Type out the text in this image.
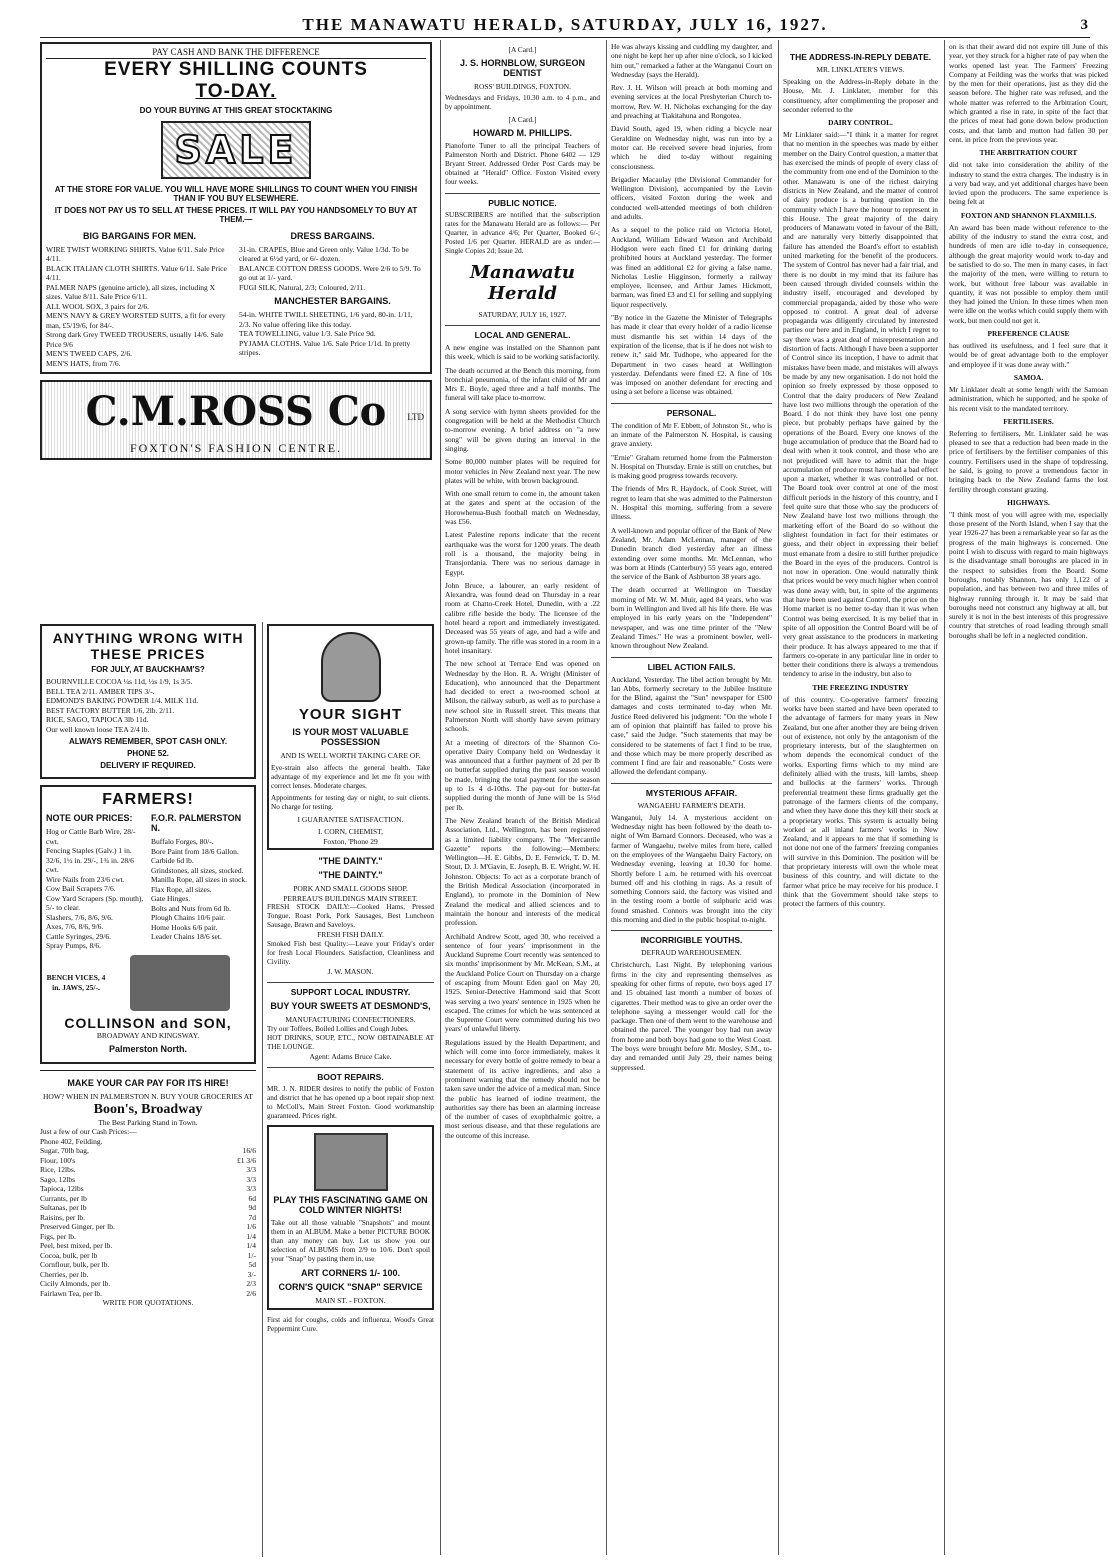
THE MANAWATU HERALD, SATURDAY, JULY 16, 1927.	3
PAY CASH AND BANK THE DIFFERENCE
EVERY SHILLING COUNTS
TO-DAY.
DO YOUR BUYING AT THIS GREAT STOCKTAKING
SALE
AT THE STORE FOR VALUE. YOU WILL HAVE MORE SHILLINGS TO COUNT WHEN YOU FINISH THAN IF YOU BUY ELSEWHERE.
IT DOES NOT PAY US TO SELL AT THESE PRICES. IT WILL PAY YOU HANDSOMELY TO BUY AT THEM.—
BIG BARGAINS FOR MEN.
WIRE TWIST WORKING SHIRTS. Value 6/11. Sale Price 4/11.
BLACK ITALIAN CLOTH SHIRTS. Value 6/11. Sale Price 4/11.
PALMER NAPS (genuine article), all sizes, including X sizes. Value 8/11. Sale Price 6/11.
ALL WOOL SOX, 3 pairs for 2/6.
MEN'S NAVY & GREY WORSTED SUITS, a fit for every man, £5/19/6, for 84/-.
Strong dark Grey TWEED TROUSERS, usually 14/6. Sale Price 9/6
MEN'S TWEED CAPS, 2/6.
MEN'S HATS, from 7/6.
DRESS BARGAINS.
31-in. CRAPES, Blue and Green only. Value 1/3d. To be cleared at 6½d yard, or 6/- dozen.
BALANCE COTTON DRESS GOODS. Were 2/6 to 5/9. To go out at 1/- yard.
FUGI SILK, Natural, 2/3; Coloured, 2/11.
MANCHESTER BARGAINS.
54-in. WHITE TWILL SHEETING, 1/6 yard, 80-in. 1/11, 2/3. No value offering like this today.
TEA TOWELLING, value 1/3. Sale Price 9d.
PYJAMA CLOTHS. Value 1/6. Sale Price 1/1d. In pretty stripes.
C.M.ROSS Co
FOXTON'S FASHION CENTRE.
LTD
ANYTHING WRONG WITH
THESE PRICES
FOR JULY, AT BAUCKHAM'S?
BOURNVILLE COCOA ¼s 11d, ½s 1/9, 1s 3/5.
BELL TEA 2/11. AMBER TIPS 3/-.
EDMOND'S BAKING POWDER 1/4. MILK 11d.
BEST FACTORY BUTTER 1/6, 2lb. 2/11.
RICE, SAGO, TAPIOCA 3lb 11d.
Our well known loose TEA 2/4 lb.
ALWAYS REMEMBER, SPOT CASH ONLY.
PHONE 52.
DELIVERY IF REQUIRED.
FARMERS!
NOTE OUR PRICES:
Hog or Cattle Barb Wire, 28/- cwt.
Fencing Staples (Galv.) 1 in. 32/6, 1½ in. 29/-, 1¾ in. 28/6 cwt.
Wire Nails from 23/6 cwt.
Cow Bail Scrapers 7/6.
Cow Yard Scrapers (Sp. mouth), 5/- to clear.
Slashers, 7/6, 8/6, 9/6.
Axes, 7/6, 8/6, 9/6.
Cattle Syringes, 29/6.
Spray Pumps, 8/6.
F.O.R. PALMERSTON N.
Buffalo Forges, 80/-.
Bore Paint from 18/6 Gallon.
Carbide 6d lb.
Grindstones, all sizes, stocked.
Manilla Rope, all sizes in stock.
Flax Rope, all sizes.
Gate Hinges.
Bolts and Nuts from 6d lb.
Plough Chains 10/6 pair.
Home Hooks 6/6 pair.
Leader Chains 18/6 set.
BENCH VICES, 4 in. JAWS, 25/-.
COLLINSON and SON,
BROADWAY AND KINGSWAY.
Palmerston North.
MAKE YOUR CAR PAY FOR ITS HIRE!
HOW? WHEN IN PALMERSTON N. BUY YOUR GROCERIES AT
Boon's, Broadway
The Best Parking Stand in Town.
Just a few of our Cash Prices:—
Phone 402, Feilding.
Sugar, 70lb bag,	16/6
Flour, 100's	£1 3/6
Rice, 12lbs.	3/3
Sago, 12lbs	3/3
Tapioca, 12lbs	3/3
Currants, per lb	6d
Sultanas, per lb	9d
Raisins, per lb.	7d
Preserved Ginger, per lb.	1/6
Figs, per lb.	1/4
Peel, best mixed, per lb.	1/4
Cocoa, bulk, per lb	1/-
Cornflour, bulk, per lb.	5d
Cherries, per lb.	3/-
Cicily Almonds, per lb.	2/3
Fairlawn Tea, per lb.	2/6
WRITE FOR QUOTATIONS.
YOUR SIGHT
IS YOUR MOST VALUABLE POSSESSION
AND IS WELL WORTH TAKING CARE OF.
Eye-strain also affects the general health. Take advantage of my experience and let me fit you with correct lenses. Moderate charges.
Appointments for testing day or night, to suit clients. No charge for testing.
I GUARANTEE SATISFACTION.
I. CORN, CHEMIST,
Foxton, 'Phone 29
"THE DAINTY."
"THE DAINTY."
PORK AND SMALL GOODS SHOP.
PERREAU'S BUILDINGS MAIN STREET.
FRESH STOCK DAILY:—Cooked Hams, Pressed Tongue, Roast Pork, Pork Sausages, Best Luncheon Sausage, Brawn and Saveloys.
FRESH FISH DAILY.
Smoked Fish best Quality:—Leave your Friday's order for fresh Local Flounders. Satisfaction, Cleanliness and Civility.
J. W. MASON.
SUPPORT LOCAL INDUSTRY.
BUY YOUR SWEETS AT DESMOND'S,
MANUFACTURING CONFECTIONERS.
Try our Toffees, Boiled Lollies and Cough Jubes.
HOT DRINKS, SOUP, ETC., NOW OBTAINABLE AT THE LOUNGE.
Agent: Adams Bruce Cake.
BOOT REPAIRS.
MR. J. N. RIDER desires to notify the public of Foxton and district that he has opened up a boot repair shop next to McColl's, Main Street Foxton. Good workmanship guaranteed. Prices right.
PLAY THIS FASCINATING GAME ON COLD WINTER NIGHTS!
Take out all those valuable "Snapshots" and mount them in an ALBUM. Make a better PICTURE BOOK than any money can buy. Let us show you our selection of ALBUMS from 2/9 to 10/6. Don't spoil your "Snap" by pasting them in, use
ART CORNERS 1/- 100.
CORN'S QUICK "SNAP" SERVICE
MAIN ST. - FOXTON.
First aid for coughs, colds and influenza, Wood's Great Peppermint Cure.
[A Card.]
J. S. HORNBLOW, SURGEON DENTIST
ROSS' BUILDINGS, FOXTON.
Wednesdays and Fridays, 10.30 a.m. to 4 p.m., and by appointment.
[A Card.]
HOWARD M. PHILLIPS.
Pianoforte Tuner to all the principal Teachers of Palmerston North and District. Phone 6402 — 129 Bryant Street. Addressed Order Post Cards may be obtained at "Herald" Office. Foxton Visited every four weeks.
PUBLIC NOTICE.
SUBSCRIBERS are notified that the subscription rates for the Manawatu Herald are as follows:— Per Quarter, in advance 4/6; Per Quarter, Booked 6/-; Posted 1/6 per Quarter. HERALD are as under:— Single Copies 2d; Issue 2d.
Manawatu Herald
SATURDAY, JULY 16, 1927.
LOCAL AND GENERAL.
A new engine was installed on the Shannon pant this week, which is said to be working satisfactorily.
The death occurred at the Bench this morning, from bronchial pneumonia, of the infant child of Mr and Mrs E. Boyle, aged three and a half months. The funeral will take place to-morrow.
A song service with hymn sheets provided for the congregation will be held at the Methodist Church to-morrow evening. A brief address on "a new song" will be given during an interval in the singing.
Some 80,000 number plates will be required for motor vehicles in New Zealand next year. The new plates will be white, with brown background.
With one small return to come in, the amount taken at the gates and spent at the occasion of the Horowhenua-Bush football match on Wednesday, was £56.
Latest Palestine reports indicate that the recent earthquake was the worst for 1200 years. The death roll is a thousand, the majority being in Transjordania. There was no serious damage in Egypt.
John Bruce, a labourer, an early resident of Alexandra, was found dead on Thursday in a rear room at Chatto-Creek Hotel, Dunedin, with a .22 calibre rifle beside the body. The licensee of the hotel heard a report and immediately investigated. Deceased was 55 years of age, and had a wife and grown-up family. The rifle was stored in a room in a hotel insanitary.
The new school at Terrace End was opened on Wednesday by the Hon. R. A. Wright (Minister of Education), who announced that the Department had decided to erect a two-roomed school at Milson, the railway suburb, as well as to purchase a new school site in Russell street. This means that Palmerston North will shortly have seven primary schools.
At a meeting of directors of the Shannon Co-operative Dairy Company held on Wednesday it was announced that a further payment of 2d per lb on butterfat supplied during the past season would be made, bringing the total payment for the season up to 1s 4 d-10ths. The pay-out for butter-fat supplied during the month of June will be 1s 5½d per lb.
The New Zealand branch of the British Medical Association, Ltd., Wellington, has been registered as a limited liability company. The "Mercantile Gazette" reports the following:—Members: Wellington—H. E. Gibbs, D. E. Fenwick, T. D. M. Stout, D. J. M'Gavin, E. Joseph, B. E. Wright, W. H. Johnston. Objects: To act as a corporate branch of the British Medical Association (incorporated in England), to promote in the Dominion of New Zealand the medical and allied sciences and to maintain the honour and interests of the medical profession.
Archibald Andrew Scott, aged 30, who received a sentence of four years' imprisonment in the Auckland Supreme Court recently was sentenced to six months' imprisonment by Mr. McKean, S.M., at the Auckland Police Court on Thursday on a charge of escaping from Mount Eden gaol on May 20, 1925. Senior-Detective Hammond said that Scott was serving a two years' sentence in 1925 when he escaped. The crimes for which he was sentenced at the Supreme Court were committed during his two years' of unlawful liberty.
Regulations issued by the Health Department, and which will come into force immediately, makes it necessary for every bottle of goitre remedy to bear a statement of its active ingredients, and also a prominent warning that the remedy should not be taken save under the advice of a medical man. Since the public has learned of iodine treatment, the authorities say there has been an alarming increase of the number of cases of exophthalmic goitre, a most serious disease, and that these regulations are the outcome of this increase.
He was always kissing and cuddling my daughter, and one night he kept her up after nine o'clock, so I kicked him out," remarked a father at the Wanganui Court on Wednesday (says the Herald).
Rev. J. H. Wilson will preach at both morning and evening services at the local Presbyterian Church to-morrow, Rev. W. H. Nicholas exchanging for the day and preaching at Tiakitahuna and Rongotea.
David South, aged 19, when riding a bicycle near Geraldine on Wednesday night, was run into by a motor car. He received severe head injuries, from which he died to-day without regaining consciousness.
Brigadier Macaulay (the Divisional Commander for Wellington Division), accompanied by the Levin officers, visited Foxton during the week and conducted well-attended meetings of both children and adults.
As a sequel to the police raid on Victoria Hotel, Auckland, William Edward Watson and Archibald Hodgson were each fined £1 for drinking during prohibited hours at Auckland yesterday. The former was fined an additional £2 for giving a false name. Nicholas Leslie Higginson, formerly a railway employee, licensee, and Arthur James Hickmott, barman, was fined £3 and £1 for selling and supplying liquor respectively.
"By notice in the Gazette the Minister of Telegraphs has made it clear that every holder of a radio license must dismantle his set within 14 days of the expiration of the license, that is if he does not wish to renew it," said Mr. Tudhope, who appeared for the Department in two cases heard at Wellington yesterday. Defendants were fined £2. A fine of 10s was imposed on another defendant for erecting and using a set before a license was obtained.
PERSONAL.
The condition of Mr F. Ebbett, of Johnston St., who is an inmate of the Palmerston N. Hospital, is causing grave anxiety.
"Ernie" Graham returned home from the Palmerston N. Hospital on Thursday. Ernie is still on crutches, but is making good progress towards recovery.
The friends of Mrs R. Haydock, of Cook Street, will regret to learn that she was admitted to the Palmerston N. Hospital this morning, suffering from a severe illness.
A well-known and popular officer of the Bank of New Zealand, Mr. Adam McLennan, manager of the Dunedin branch died yesterday after an illness extending over some months. Mr. McLennan, who was born at Hinds (Canterbury) 55 years ago, entered the service of the Bank of Ashburton 38 years ago.
The death occurred at Wellington on Tuesday morning of Mr. W. M. Muir, aged 84 years, who was born in Wellington and lived all his life there. He was employed in his early years on the "Independent" newspaper, and was one time printer of the "New Zealand Times." He was a prominent bowler, well-known throughout New Zealand.
LIBEL ACTION FAILS.
Auckland, Yesterday. The libel action brought by Mr. Ian Abbs, formerly secretary to the Jubilee Institute for the Blind, against the "Sun" newspaper for £500 damages and costs terminated to-day when Mr. Justice Reed delivered his judgment: "On the whole I am of opinion that plaintiff has failed to prove his case," said the Judge. "Such statements that may be considered to be statements of fact I find to be true, and those which may be more properly described as comment I find are fair and reasonable." Costs were allowed the defendant company.
MYSTERIOUS AFFAIR.
WANGAEHU FARMER'S DEATH.
Wanganui, July 14. A mysterious accident on Wednesday night has been followed by the death to-night of Wm Barnard Connors. Deceased, who was a farmer of Wangaehu, twelve miles from here, called on the employees of the Wangaehu Dairy Factory, on Wednesday evening, leaving at 10.30 for home. Shortly before 1 a.m. he returned with his overcoat burned off and his clothing in rags. As a result of something Connors said, the factory was visited and in the testing room a bottle of sulphuric acid was found smashed. Connors was brought into the city this morning and died in the public hospital to-night.
INCORRIGIBLE YOUTHS.
DEFRAUD WAREHOUSEMEN.
Christchurch, Last Night. By telephoning various firms in the city and representing themselves as speaking for other firms of repute, two boys aged 17 and 15 obtained last month a number of boxes of cigarettes. Their method was to give an order over the telephone saying a messenger would call for the package. Then one of them went to the warehouse and obtained the parcel. The younger boy had run away from home and both boys had gone to the West Coast. The boys were brought before Mr. Mosley, S.M., to-day and remanded until July 29, their names being suppressed.
THE ADDRESS-IN-REPLY DEBATE.
MR. LINKLATER'S VIEWS.
Speaking on the Address-in-Reply debate in the House, Mr. J. Linklater, member for this constituency, after complimenting the proposer and seconder referred to the
DAIRY CONTROL.
Mr Linklater said:—"I think it a matter for regret that no mention in the speeches was made by either member on the Dairy Control question, a matter that has exercised the minds of people of every class of the community from one end of the Dominion to the other. Manawatu is one of the richest dairying districts in New Zealand, and the matter of control of dairy produce is a burning question in the community which I have the honour to represent in this House. The great majority of the dairy producers of Manawatu voted in favour of the Bill, and are naturally very bitterly disappointed that failure has attended the Board's effort to establish united marketing for the benefit of the producers. The system of Control has never had a fair trial, and there is no doubt in my mind that its failure has been caused through divided counsels within the industry itself, encouraged and developed by commercial propaganda, aided by those who were opposed to control. A great deal of adverse propaganda was diligently circulated by interested parties our here and in England, in which I regret to say there was a great deal of misrepresentation and distortion of facts. Although I have been a supporter of Control since its inception, I have to admit that mistakes have been made, and mistakes will always be made by any new organisation. I do not hold the opinion so freely expressed by those opposed to Control that the dairy producers of New Zealand have lost two millions through the operation of the Board. I do not think they have lost one penny piece, but probably perhaps have gained by the operations of the Board. Every one knows of the huge accumulation of produce that the Board had to deal with when it took control, and those who are not prejudiced will have to admit that the huge accumulation of produce must have had a bad effect upon a market, whether it was controlled or not. The Board took over control at one of the most difficult periods in the history of this country, and I feel quite sure that those who say the producers of New Zealand have lost two millions through the marketing effort of the Board do so without the slightest foundation in fact for their estimates or guess, and their object in expressing their belief must emanate from a desire to still further prejudice the Board in the eyes of the producers. Control is not now in operation. One would naturally think that prices would be very much higher when control was done away with, but, in spite of the arguments that have been used against Control, the price on the Home market is no better to-day than it was when Control was being exercised. It is my belief that in spite of all opposition the Control Board will be of very great assistance to the producers in marketing their produce. It has always appeared to me that if farmers co-operate in any particular line in order to better their conditions there is always a tremendous tendency to arise in the industry, but also to
THE FREEZING INDUSTRY
of this country. Co-operative farmers' freezing works have been started and have been operated to the advantage of farmers for many years in New Zealand, but one after another they are being driven out of existence, not only by the antagonism of the proprietary interests, but of the slaughtermen on whom depends the economical conduct of the works. Exporting firms which to my mind are definitely allied with the trusts, kill lambs, sheep and bullocks at the farmers' works. Through preferential treatment these firms gradually get the patronage of the farmers clients of the company, and when they have done this they kill their stock at a proprietary works. This system is actually being worked at all inland farmers' works in New Zealand, and it appears to me that if something is not done not one of the farmers' freezing companies will survive in this Dominion. The position will be that proprietary interests will own the whole meat business of this country, and will dictate to the farmer what price he may receive for his produce. I think that the Government should take steps to protect the farmers of this country.
on is that their award did not expire till June of this year, yet they struck for a higher rate of pay when the works opened last year. The Farmers' Freezing Company at Feilding was the works that was picked by the men for their operations, just as they did the season before. The higher rate was refused, and the whole matter was referred to the Arbitration Court, which granted a rise in rate, in spite of the fact that the prices of meat had gone down below production costs, and that lamb and mutton had fallen 30 per cent. in price from the previous year.
THE ARBITRATION COURT
did not take into consideration the ability of the industry to stand the extra charges. The industry is in a very bad way, and yet additional charges have been levied upon the producers. The same experience is being felt at
FOXTON AND SHANNON FLAXMILLS.
An award has been made without reference to the ability of the industry to stand the extra cost, and hundreds of men are idle to-day in consequence, although the great majority would work to-day and be satisfied to do so. The men in many cases, in fact the majority of the men, were willing to return to work, but without free labour was available in quantity, it was not possible to employ them until they had joined the Union. In these times when men were idle on the works which could supply them with work, but men could not get it.
PREFERENCE CLAUSE
has outlived its usefulness, and I feel sure that it would be of great advantage both to the employer and employee if it was done away with."
SAMOA.
Mr Linklater dealt at some length with the Samoan administration, which he supported, and he spoke of his recent visit to the mandated territory.
FERTILISERS.
Referring to fertilisers, Mr. Linklater said he was pleased to see that a reduction had been made in the price of fertilisers by the fertiliser companies of this country. Fertilisers used in the shape of topdressing, he said, is going to prove a tremendous factor in bringing back to the New Zealand farms the lost fertility through constant grazing.
HIGHWAYS.
"I think most of you will agree with me, especially those present of the North Island, when I say that the year 1926-27 has been a remarkable year so far as the progress of the main highways is concerned. One point I wish to discuss with regard to main highways is the disadvantage small boroughs are placed in in the respect to subsidies from the Board. Some boroughs, notably Shannon, has only 1,122 of a population, and has between two and three miles of highway running through it. It may be said that boroughs need not construct any highway at all, but surely it is not in the best interests of this progressive country that stretches of road leading through small boroughs shall be left in a neglected condition.
